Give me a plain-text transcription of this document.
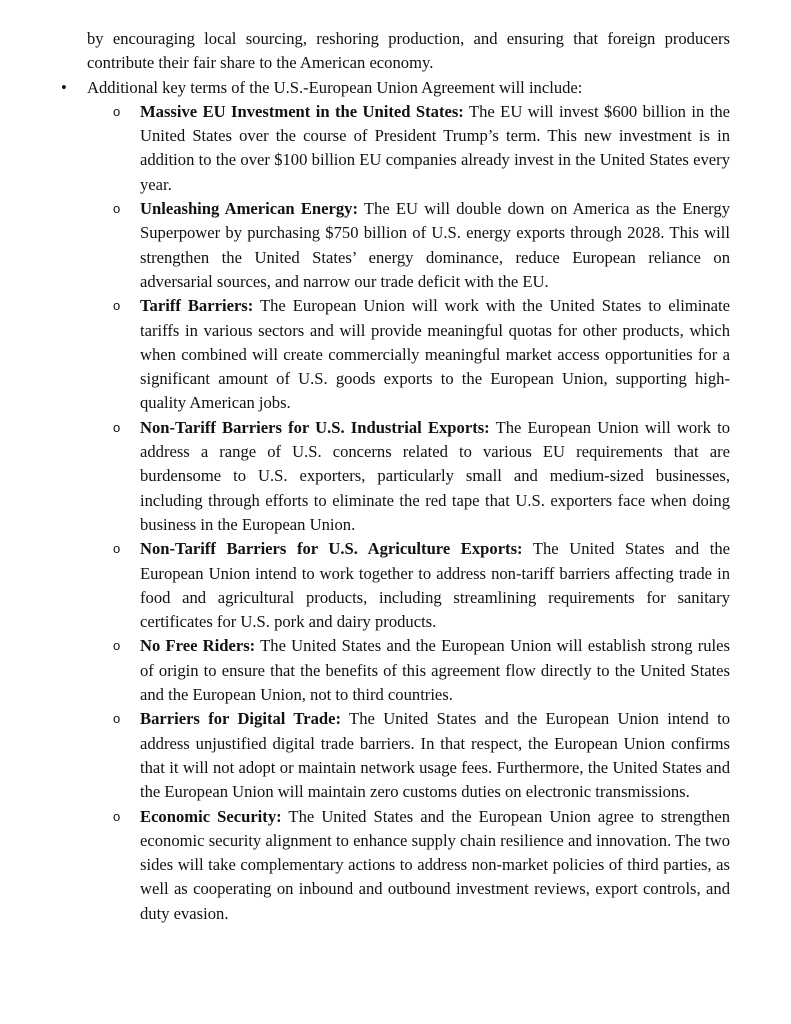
by encouraging local sourcing, reshoring production, and ensuring that foreign producers contribute their fair share to the American economy.

• Additional key terms of the U.S.-European Union Agreement will include:
o Massive EU Investment in the United States: The EU will invest $600 billion in the United States over the course of President Trump’s term. This new investment is in addition to the over $100 billion EU companies already invest in the United States every year.
o Unleashing American Energy: The EU will double down on America as the Energy Superpower by purchasing $750 billion of U.S. energy exports through 2028. This will strengthen the United States’ energy dominance, reduce European reliance on adversarial sources, and narrow our trade deficit with the EU.
o Tariff Barriers: The European Union will work with the United States to eliminate tariffs in various sectors and will provide meaningful quotas for other products, which when combined will create commercially meaningful market access opportunities for a significant amount of U.S. goods exports to the European Union, supporting high-quality American jobs.
o Non-Tariff Barriers for U.S. Industrial Exports: The European Union will work to address a range of U.S. concerns related to various EU requirements that are burdensome to U.S. exporters, particularly small and medium-sized businesses, including through efforts to eliminate the red tape that U.S. exporters face when doing business in the European Union.
o Non-Tariff Barriers for U.S. Agriculture Exports: The United States and the European Union intend to work together to address non-tariff barriers affecting trade in food and agricultural products, including streamlining requirements for sanitary certificates for U.S. pork and dairy products.
o No Free Riders: The United States and the European Union will establish strong rules of origin to ensure that the benefits of this agreement flow directly to the United States and the European Union, not to third countries.
o Barriers for Digital Trade: The United States and the European Union intend to address unjustified digital trade barriers. In that respect, the European Union confirms that it will not adopt or maintain network usage fees. Furthermore, the United States and the European Union will maintain zero customs duties on electronic transmissions.
o Economic Security: The United States and the European Union agree to strengthen economic security alignment to enhance supply chain resilience and innovation. The two sides will take complementary actions to address non-market policies of third parties, as well as cooperating on inbound and outbound investment reviews, export controls, and duty evasion.
